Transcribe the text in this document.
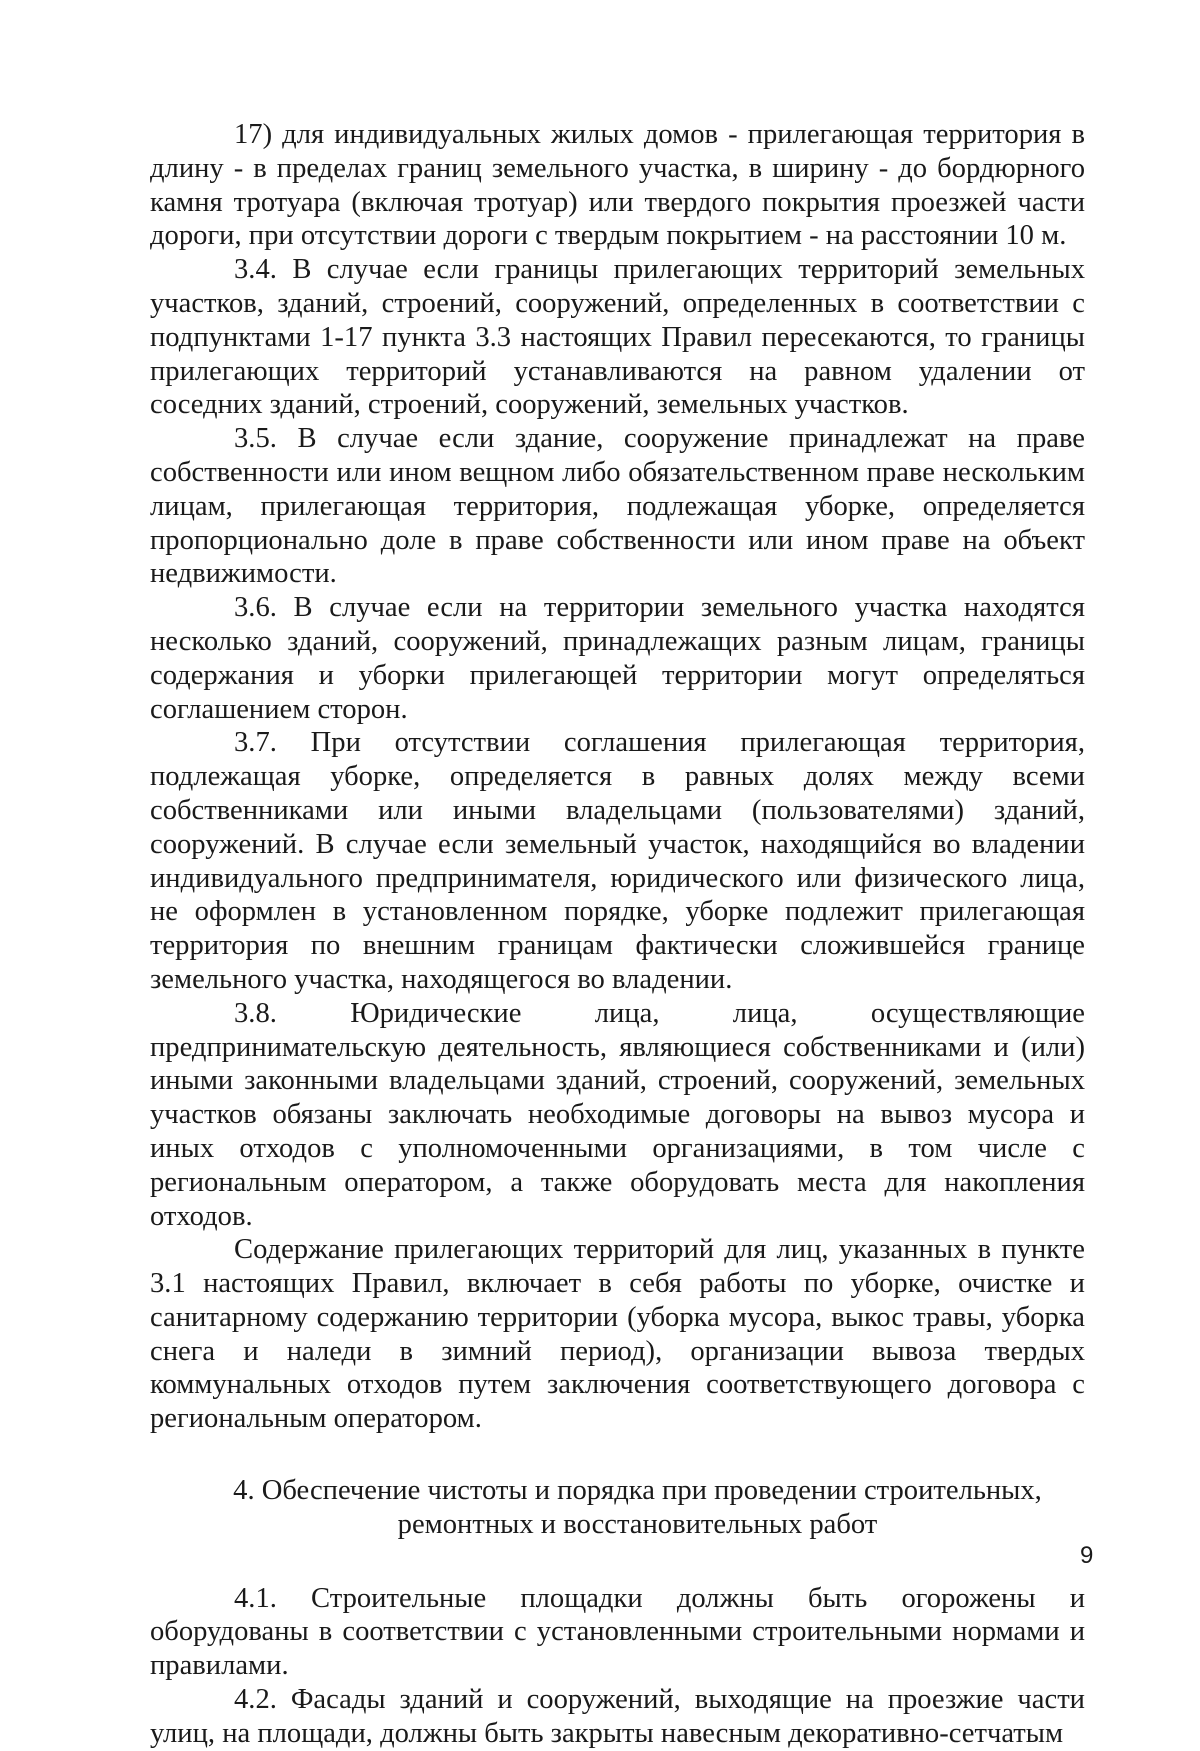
17) для индивидуальных жилых домов - прилегающая территория в длину - в пределах границ земельного участка, в ширину - до бордюрного камня тротуара (включая тротуар) или твердого покрытия проезжей части дороги, при отсутствии дороги с твердым покрытием - на расстоянии 10 м.

3.4. В случае если границы прилегающих территорий земельных участков, зданий, строений, сооружений, определенных в соответствии с подпунктами 1-17 пункта 3.3 настоящих Правил пересекаются, то границы прилегающих территорий устанавливаются на равном удалении от соседних зданий, строений, сооружений, земельных участков.

3.5. В случае если здание, сооружение принадлежат на праве собственности или ином вещном либо обязательственном праве нескольким лицам, прилегающая территория, подлежащая уборке, определяется пропорционально доле в праве собственности или ином праве на объект недвижимости.

3.6. В случае если на территории земельного участка находятся несколько зданий, сооружений, принадлежащих разным лицам, границы содержания и уборки прилегающей территории могут определяться соглашением сторон.

3.7. При отсутствии соглашения прилегающая территория, подлежащая уборке, определяется в равных долях между всеми собственниками или иными владельцами (пользователями) зданий, сооружений. В случае если земельный участок, находящийся во владении индивидуального предпринимателя, юридического или физического лица, не оформлен в установленном порядке, уборке подлежит прилегающая территория по внешним границам фактически сложившейся границе земельного участка, находящегося во владении.

3.8. Юридические лица, лица, осуществляющие предпринимательскую деятельность, являющиеся собственниками и (или) иными законными владельцами зданий, строений, сооружений, земельных участков обязаны заключать необходимые договоры на вывоз мусора и иных отходов с уполномоченными организациями, в том числе с региональным оператором, а также оборудовать места для накопления отходов.

Содержание прилегающих территорий для лиц, указанных в пункте 3.1 настоящих Правил, включает в себя работы по уборке, очистке и санитарному содержанию территории (уборка мусора, выкос травы, уборка снега и наледи в зимний период), организации вывоза твердых коммунальных отходов путем заключения соответствующего договора с региональным оператором.

4. Обеспечение чистоты и порядка при проведении строительных,
ремонтных и восстановительных работ

4.1. Строительные площадки должны быть огорожены и оборудованы в соответствии с установленными строительными нормами и правилами.

4.2. Фасады зданий и сооружений, выходящие на проезжие части улиц, на площади, должны быть закрыты навесным декоративно-сетчатым

9
